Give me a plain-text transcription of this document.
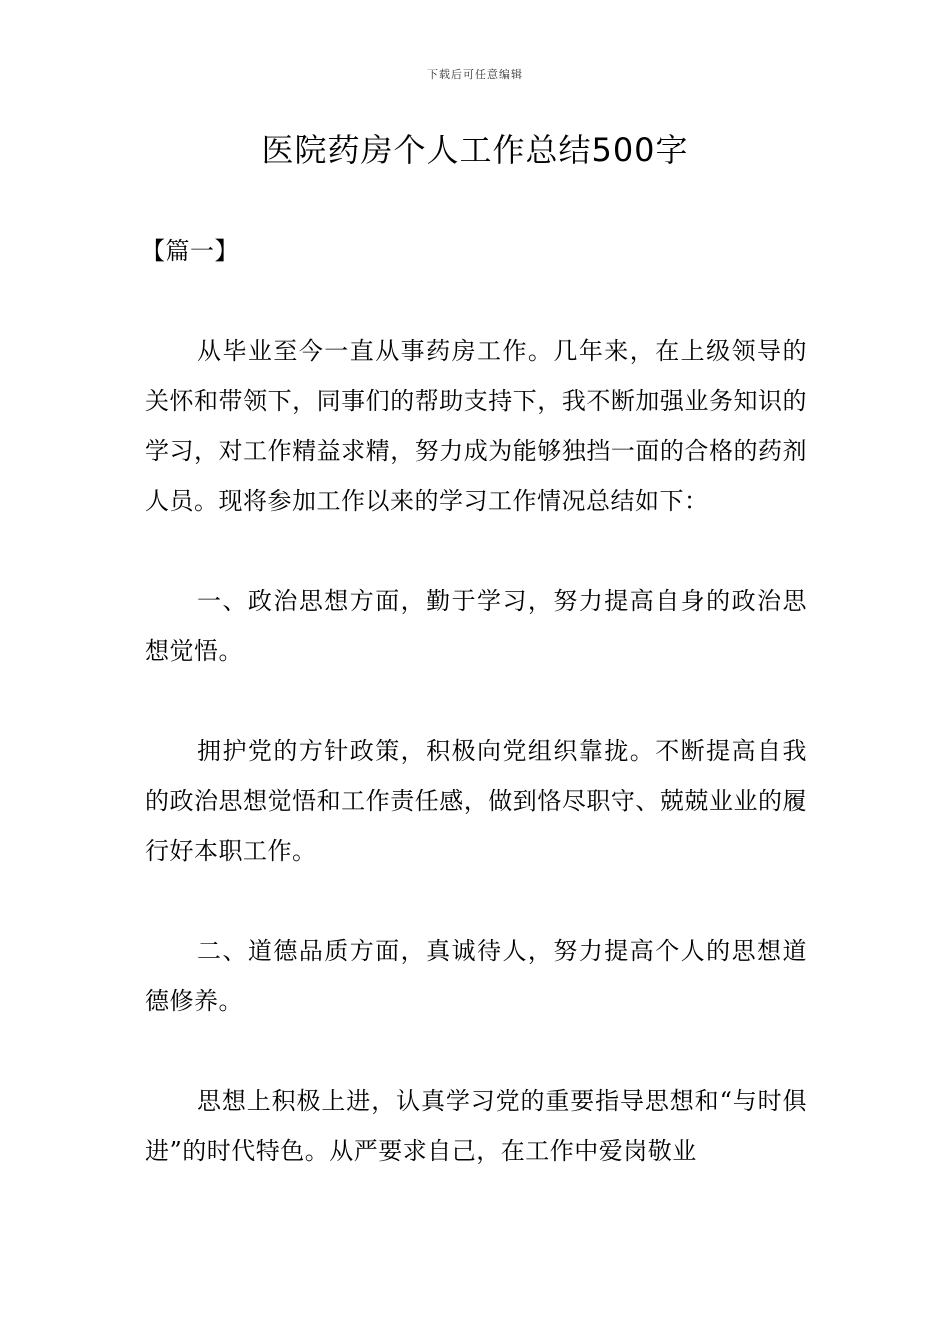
下载后可任意编辑
医院药房个人工作总结500字

【篇一】

从毕业至今一直从事药房工作。几年来，在上级领导的关怀和带领下，同事们的帮助支持下，我不断加强业务知识的学习，对工作精益求精，努力成为能够独挡一面的合格的药剂人员。现将参加工作以来的学习工作情况总结如下：

一、政治思想方面，勤于学习，努力提高自身的政治思想觉悟。

拥护党的方针政策，积极向党组织靠拢。不断提高自我的政治思想觉悟和工作责任感，做到恪尽职守、兢兢业业的履行好本职工作。

二、道德品质方面，真诚待人，努力提高个人的思想道德修养。

思想上积极上进，认真学习党的重要指导思想和“与时俱进”的时代特色。从严要求自己，在工作中爱岗敬业
